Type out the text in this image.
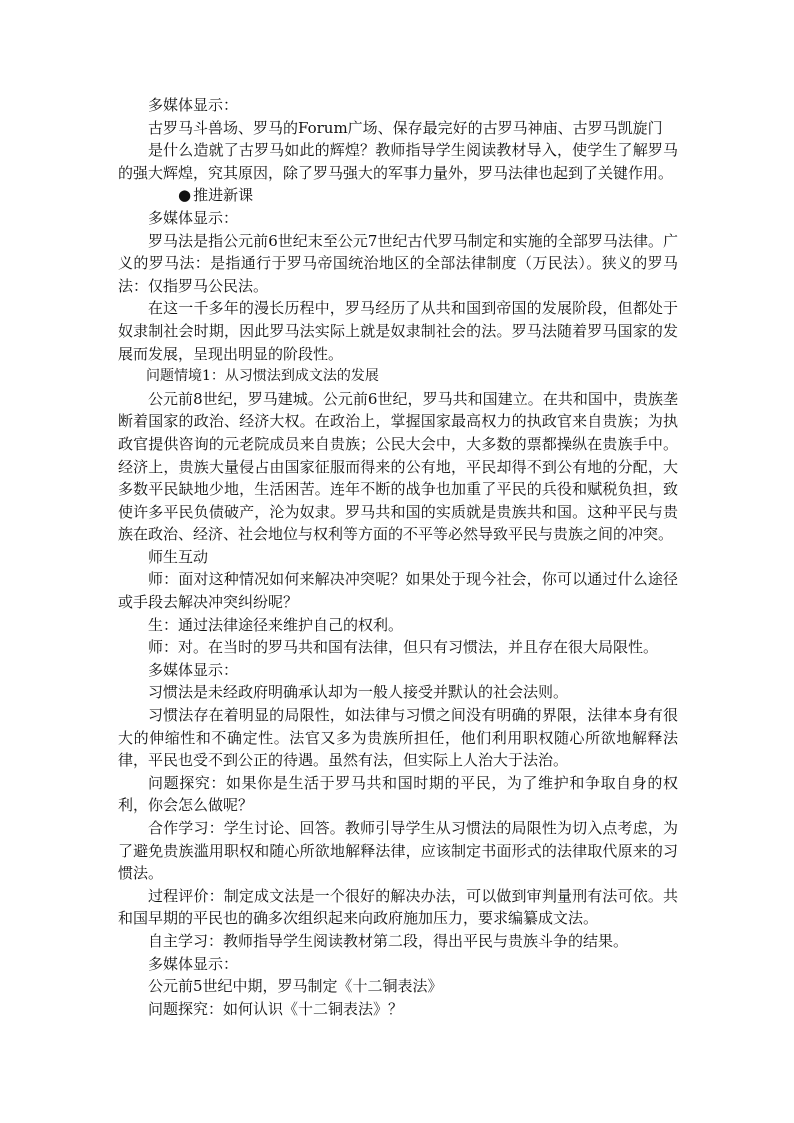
多媒体显示：

古罗马斗兽场、罗马的Forum广场、保存最完好的古罗马神庙、古罗马凯旋门

是什么造就了古罗马如此的辉煌？教师指导学生阅读教材导入，使学生了解罗马的强大辉煌，究其原因，除了罗马强大的军事力量外，罗马法律也起到了关键作用。

● 推进新课

多媒体显示：

罗马法是指公元前6世纪末至公元7世纪古代罗马制定和实施的全部罗马法律。广义的罗马法：是指通行于罗马帝国统治地区的全部法律制度（万民法）。狭义的罗马法：仅指罗马公民法。

在这一千多年的漫长历程中，罗马经历了从共和国到帝国的发展阶段，但都处于奴隶制社会时期，因此罗马法实际上就是奴隶制社会的法。罗马法随着罗马国家的发展而发展，呈现出明显的阶段性。

问题情境1：从习惯法到成文法的发展

公元前8世纪，罗马建城。公元前6世纪，罗马共和国建立。在共和国中，贵族垄断着国家的政治、经济大权。在政治上，掌握国家最高权力的执政官来自贵族；为执政官提供咨询的元老院成员来自贵族；公民大会中，大多数的票都操纵在贵族手中。经济上，贵族大量侵占由国家征服而得来的公有地，平民却得不到公有地的分配，大多数平民缺地少地，生活困苦。连年不断的战争也加重了平民的兵役和赋税负担，致使许多平民负债破产，沦为奴隶。罗马共和国的实质就是贵族共和国。这种平民与贵族在政治、经济、社会地位与权利等方面的不平等必然导致平民与贵族之间的冲突。

师生互动

师：面对这种情况如何来解决冲突呢？如果处于现今社会，你可以通过什么途径或手段去解决冲突纠纷呢？

生：通过法律途径来维护自己的权利。

师：对。在当时的罗马共和国有法律，但只有习惯法，并且存在很大局限性。

多媒体显示：

习惯法是未经政府明确承认却为一般人接受并默认的社会法则。

习惯法存在着明显的局限性，如法律与习惯之间没有明确的界限，法律本身有很大的伸缩性和不确定性。法官又多为贵族所担任，他们利用职权随心所欲地解释法律，平民也受不到公正的待遇。虽然有法，但实际上人治大于法治。

问题探究：如果你是生活于罗马共和国时期的平民，为了维护和争取自身的权利，你会怎么做呢？

合作学习：学生讨论、回答。教师引导学生从习惯法的局限性为切入点考虑，为了避免贵族滥用职权和随心所欲地解释法律，应该制定书面形式的法律取代原来的习惯法。

过程评价：制定成文法是一个很好的解决办法，可以做到审判量刑有法可依。共和国早期的平民也的确多次组织起来向政府施加压力，要求编纂成文法。

自主学习：教师指导学生阅读教材第二段，得出平民与贵族斗争的结果。

多媒体显示：

公元前5世纪中期，罗马制定《十二铜表法》

问题探究：如何认识《十二铜表法》？
